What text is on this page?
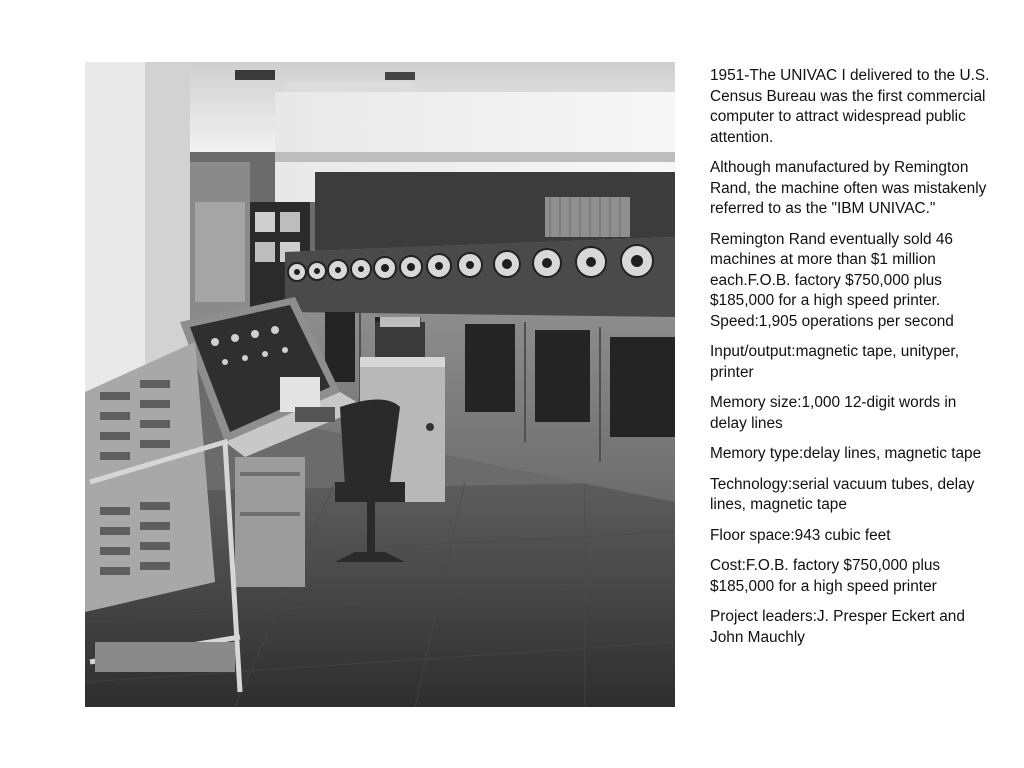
1951-The UNIVAC I delivered to the U.S. Census Bureau was the first commercial computer to attract widespread public attention.

Although manufactured by Remington Rand, the machine often was mistakenly referred to as the "IBM UNIVAC."

Remington Rand eventually sold 46 machines at more than $1 million each.F.O.B. factory $750,000 plus $185,000 for a high speed printer. Speed:1,905 operations per second

Input/output:magnetic tape, unityper, printer

Memory size:1,000 12-digit words in delay lines

Memory type:delay lines, magnetic tape

Technology:serial vacuum tubes, delay lines, magnetic tape

Floor space:943 cubic feet

Cost:F.O.B. factory $750,000 plus $185,000 for a high speed printer

Project leaders:J. Presper Eckert and John Mauchly
